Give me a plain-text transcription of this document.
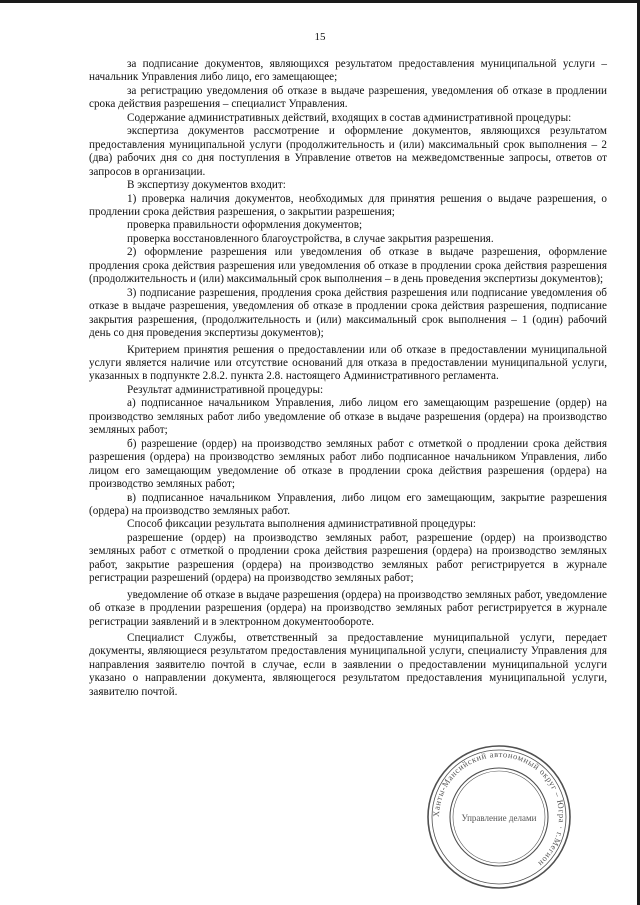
15

за подписание документов, являющихся результатом предоставления муниципальной услуги – начальник Управления либо лицо, его замещающее;

за регистрацию уведомления об отказе в выдаче разрешения, уведомления об отказе в продлении срока действия разрешения – специалист Управления.

Содержание административных действий, входящих в состав административной процедуры:

экспертиза документов рассмотрение и оформление документов, являющихся результатом предоставления муниципальной услуги (продолжительность и (или) максимальный срок выполнения – 2 (два) рабочих дня со дня поступления в Управление ответов на межведомственные запросы, ответов от запросов в организации.

В экспертизу документов входит:

1) проверка наличия документов, необходимых для принятия решения о выдаче разрешения, о продлении срока действия разрешения, о закрытии разрешения;

проверка правильности оформления документов;

проверка восстановленного благоустройства, в случае закрытия разрешения.

2) оформление разрешения или уведомления об отказе в выдаче разрешения, оформление продления срока действия разрешения или уведомления об отказе в продлении срока действия разрешения (продолжительность и (или) максимальный срок выполнения – в день проведения экспертизы документов);

3) подписание разрешения, продления срока действия разрешения или подписание уведомления об отказе в выдаче разрешения, уведомления об отказе в продлении срока действия разрешения, подписание закрытия разрешения, (продолжительность и (или) максимальный срок выполнения – 1 (один) рабочий день со дня проведения экспертизы документов);

Критерием принятия решения о предоставлении или об отказе в предоставлении муниципальной услуги является наличие или отсутствие оснований для отказа в предоставлении муниципальной услуги, указанных в подпункте 2.8.2. пункта 2.8. настоящего Административного регламента.

Результат административной процедуры:

а) подписанное начальником Управления, либо лицом его замещающим разрешение (ордер) на производство земляных работ либо уведомление об отказе в выдаче разрешения (ордера) на производство земляных работ;

б) разрешение (ордер) на производство земляных работ с отметкой о продлении срока действия разрешения (ордера) на производство земляных работ либо подписанное начальником Управления, либо лицом его замещающим уведомление об отказе в продлении срока действия разрешения (ордера) на производство земляных работ;

в) подписанное начальником Управления, либо лицом его замещающим, закрытие разрешения (ордера) на производство земляных работ.

Способ фиксации результата выполнения административной процедуры:

разрешение (ордер) на производство земляных работ, разрешение (ордер) на производство земляных работ с отметкой о продлении срока действия разрешения (ордера) на производство земляных работ, закрытие разрешения (ордера) на производство земляных работ регистрируется в журнале регистрации разрешений (ордера) на производство земляных работ;

уведомление об отказе в выдаче разрешения (ордера) на производство земляных работ, уведомление об отказе в продлении разрешения (ордера) на производство земляных работ регистрируется в журнале регистрации заявлений и в электронном документообороте.

Специалист Службы, ответственный за предоставление муниципальной услуги, передает документы, являющиеся результатом предоставления муниципальной услуги, специалисту Управления для направления заявителю почтой в случае, если в заявлении о предоставлении муниципальной услуги указано о направлении документа, являющегося результатом предоставления муниципальной услуги, заявителю почтой.

Ханты-Мансийский автономный округ – Югра · г.Мегион
Управление делами
